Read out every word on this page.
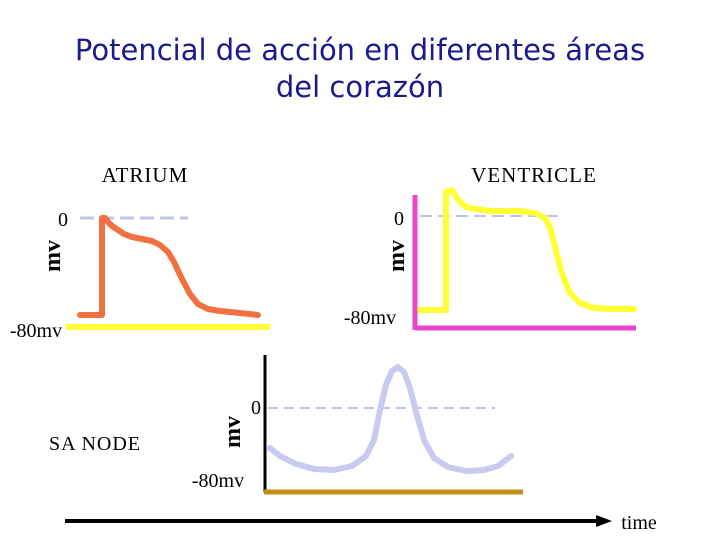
Potencial de acción en diferentes áreas
del corazón
ATRIUM
0
mv
-80mv
VENTRICLE
0
mv
-80mv
SA NODE
0
mv
-80mv
time
